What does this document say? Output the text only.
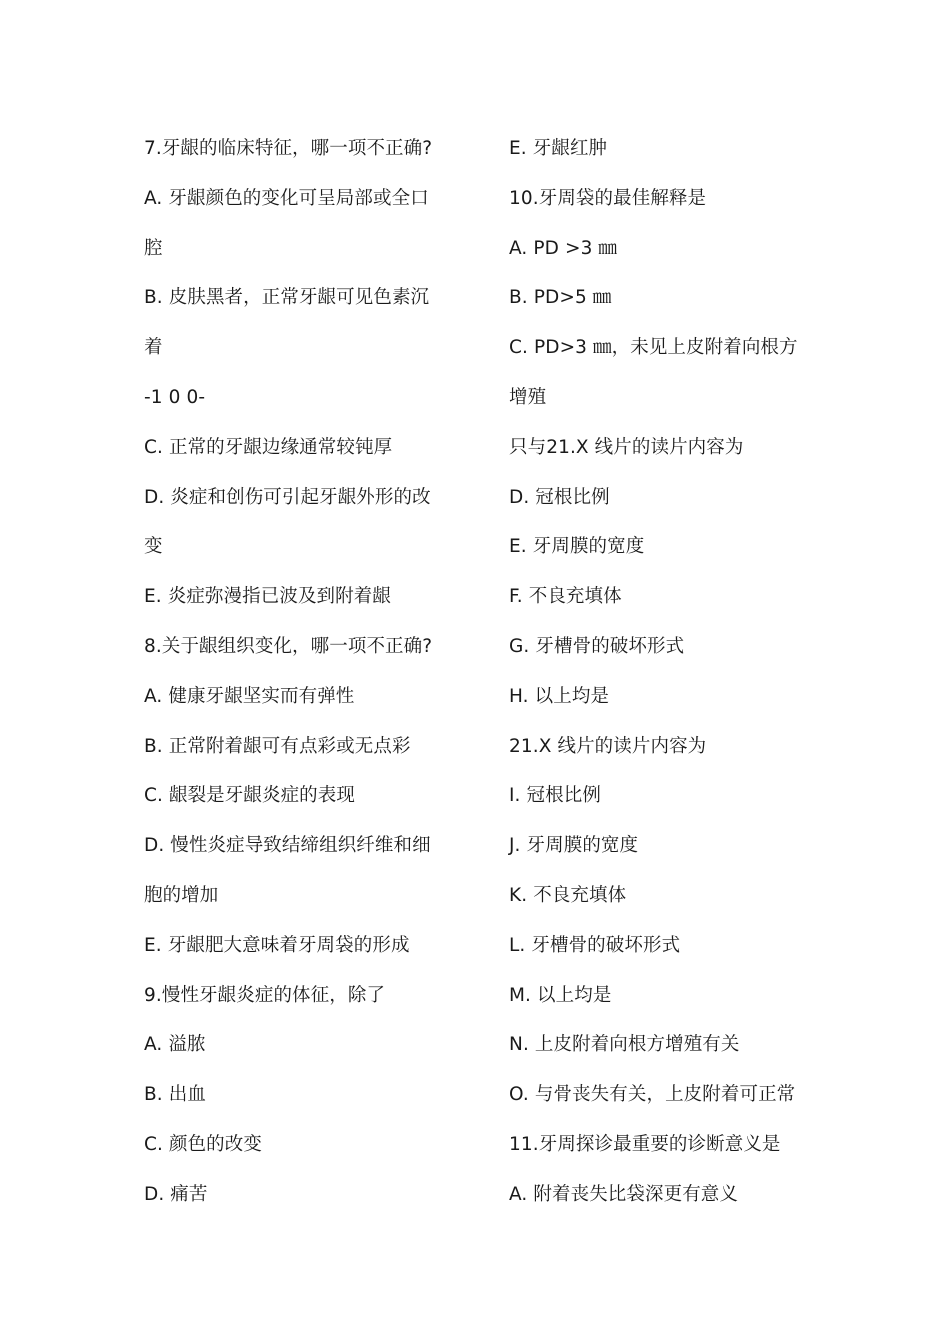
7.牙龈的临床特征，哪一项不正确?
A. 牙龈颜色的变化可呈局部或全口
腔
B. 皮肤黑者，正常牙龈可见色素沉
着
-1 0 0-
C. 正常的牙龈边缘通常较钝厚
D. 炎症和创伤可引起牙龈外形的改
变
E. 炎症弥漫指已波及到附着龈
8.关于龈组织变化，哪一项不正确?
A. 健康牙龈坚实而有弹性
B. 正常附着龈可有点彩或无点彩
C. 龈裂是牙龈炎症的表现
D. 慢性炎症导致结缔组织纤维和细
胞的增加
E. 牙龈肥大意味着牙周袋的形成
9.慢性牙龈炎症的体征，除了
A. 溢脓
B. 出血
C. 颜色的改变
D. 痛苦
E. 牙龈红肿
10.牙周袋的最佳解释是
A. PD >3 ㎜
B. PD>5 ㎜
C. PD>3 ㎜，未见上皮附着向根方
增殖
只与21.X 线片的读片内容为
D. 冠根比例
E. 牙周膜的宽度
F. 不良充填体
G. 牙槽骨的破坏形式
H. 以上均是
21.X 线片的读片内容为
I. 冠根比例
J. 牙周膜的宽度
K. 不良充填体
L. 牙槽骨的破坏形式
M. 以上均是
N. 上皮附着向根方增殖有关
O. 与骨丧失有关，上皮附着可正常
11.牙周探诊最重要的诊断意义是
A. 附着丧失比袋深更有意义
